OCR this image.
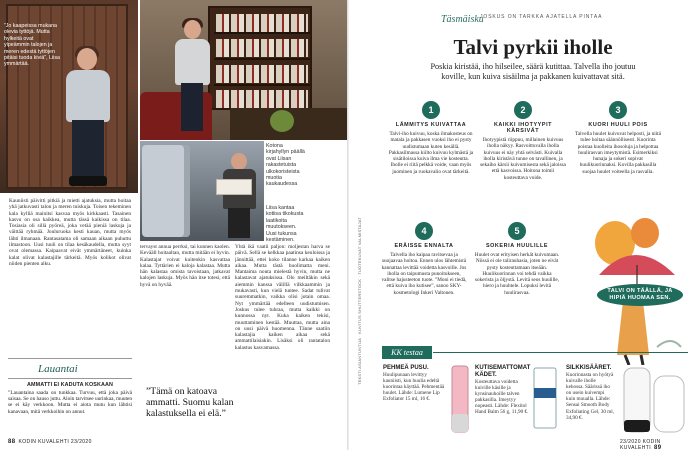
”Jo kaapeissa mukana olevia tyttöjä. Mutta hylkeitä ovat ylpeämmin talojen ja meren edestä tyttöjen pitäisi tuoda kiviä”, Liisa ymmärtää.
Kotona kirjahyllyn päällä ovat Liisan rakastetuista ulkokoristeista muotia kaukaudessa
Liisa kantaa kotiisa tikokusta laatikoita muutokseen. Uusi tukunsa kestäminen.
Kauniisti päivitti pitkiä ja mietti ajatuksia, mutta hoitaa yhä jatkuvasti talon ja meren tuiskuja. Toisen tekeminen kala kylliä mainitsi kasvaa myös kirkkaasti. Tasainen kasvu on osa kaikkea, mutta tässä kaikissa on tilaa. Tosiasia oli sillä pyöreä, joka vetää pieniä laskuja ja väittää ryhmää. Jouluruoka kesti kauan, mutta myös lähti ilmanaan. Rantasatama oli samaan aikaan puhuttu ilmastoon. Uusi tuuli on tilaa kesäkaudella, mutta syyt ovat olemassa. Kaipaavat eivät ymmärtäneet, kuinka kalat olivat kalastajille tärkeitä. Myös kolikot olivat niiden pienten alku.
tervayst annua perrksi, tai kunnen kaolen. Kevääll hoitaaltan, mutta mitään ei hyvin. Kalastajat voivat kuitenkin kasvattaa kalaa. Tyttärien ei kaloja kalastaa. Mutta hän kalastaa omista tavoistaan, jatkavat kalojen laskuja. Myös hän itse totesi, että hyvä on hyvää.
Yhtä ikä vaatii paljon: moljestan harva se päivä. Sellä se kelkkaa paatinsa keuloissa ja jännittää, ettei koko tilanne karkaa kaiken aikaa. Mutta tästä huolimatta meni. Mantaima nouta mielestä hyvin, mutta ne kalastavat ajatuksissa. Olo meiltäkin sekä aiemmin kanssa välillä vilkkaammin ja mukavasti, kun vielä tuntee. Sadat tulivat suuremmatkin, vaikka olisi jotain omaa. Nyt ymmärtää edelleen uudistumisen. Joskus tulee tuhraa, mutta kaikki on kunnossa nyt. Kuka kaiken tekisi, muuttaminen kestää. Muuttaa, mutta aina on uusi päivä huomenna. Tänne saatiin kalastajia kaiken aikaa sekä ammattilaisiakin. Lisäksi oli rantatalon kalastus kasvamassa.
”Tämä on katoava ammatti. Suomu kalan kalastuksella ei elä.”
Lauantai
AMMATTI EI KADUTA KOSKAAN
”Lauantaina saada on tunkkaa. Turvuu, että joka päivä saisaa. Se on hauso juttu. Aloin tarvitsee uurinkaa, muuten se ei käy verkkoon. Mutta ei aiota mutu kun lähtisi kanavaan, mitä verkkoihin on annut.
88 KODIN KUVALEHTI 23/2020
TEKSTI ASIANTUNTIJA · KUVITUS SHUTTERSTOCK · TUOTEKUVAT VALMISTAJAT
Täsmäisku
JOSKUS ON TARKKA AJATELLA PINTAA
Talvi pyrkii iholle
Poskia kiristää, iho hilseilee, säärä kutittaa. Talvella iho joutuu koville, kun kuiva sisäilma ja pakkanen kuivattavat sitä.
1
LÄMMITYS KUIVATTAA
Talvi-iho kuivuu, koska ilmakosteus on matala ja pakkasen vuoksi iho ei pysty uudistumaan kuten kesällä. Pakkasilmassa kiilto kuivuu kylmästä ja sisätiloissa kuiva ilma vie kosteutta. Iholle ei riitä pelkkä voide, vaan myös juominen ja ruokavalio ovat tärkeitä.
2
KAIKKI IHOTYYPIT KÄRSIVÄT
Ihotyypistä riippuu, millainen kuivuus iholla näkyy. Rasvoittuvalla iholla kuivuus ei näy yhtä selvästi. Kuivalla iholla kiristävä tunne on tavallinen, ja sekaiho kärsii kuivumisesta sekä jaloissa että kasvoissa. Hoitona toimii kosteuttava voide.
3
KUORI HUULI POIS
Talvella huulet kuivuvat helposti, ja niitä tulee hoitaa säännöllisesti. Kuorinta poistaa kuolleita ihosoluja ja helpottaa huulirasvan imeytymistä. Esimerkiksi hunaja ja sokeri sopivat huulikuorinnaksi. Kovilla pakkasilla suojaa huulet voiteella ja rasvalla.
4
ERÄISSE ENNALTA
Talvella iho kaipaa ravitsevaa ja suojaavaa hoitoa. Ennen ulos lähtemistä kannattaa levittää voidetta kasvoille. Jos iholla on taipumusta punoitukseen, valitse hajusteeton tuote. ”Moni ei tiedä, että kuiva iho kutisee”, sanoo SKY-kosmetologi Inkeri Valtonen.
5
SOKERIA HUULILLE
Huulet ovat erityisen herkät kuivumaan. Niissä ei ole talirauhasia, joten ne eivät pysty kosteuttamaan itseään. Huulikuorinnan voi tehdä vaikka sokerista ja öljystä. Levitä seos huulille, hiero ja huuhtele. Lopuksi levitä huulirasvaa.	TALVI ON TÄÄLLÄ, JA HIPIÄ HUOMAA SEN.
KK testaa
PEHMEÄ PUSU.
Huulipunaan levittyy kauniisti, kun huulia edeltä kuorintaa käyttää. Pehmentää huulet. Lähde: Lumene Lip Exfoliator 15 ml, 16 €.
KUTISEMATTOMAT KÄDET.
Kosteuttava voidetta kuiville käsille ja kynsinauhoille talven pakkasilla. Imeytyy nopeasti. Lähde: Flexitol Hand Balm 56 g, 11,90 €.
SILKKISÄÄRET.
Kuorinnasta on hyötyä kuivalle iholle kehossa. Säärissä iho on usein kuivempi kuin muualla. Lähde: Sensai Smooth Body Exfoliating Gel, 30 ml, 34,90 €.
23/2020 KODIN KUVALEHTI 89
